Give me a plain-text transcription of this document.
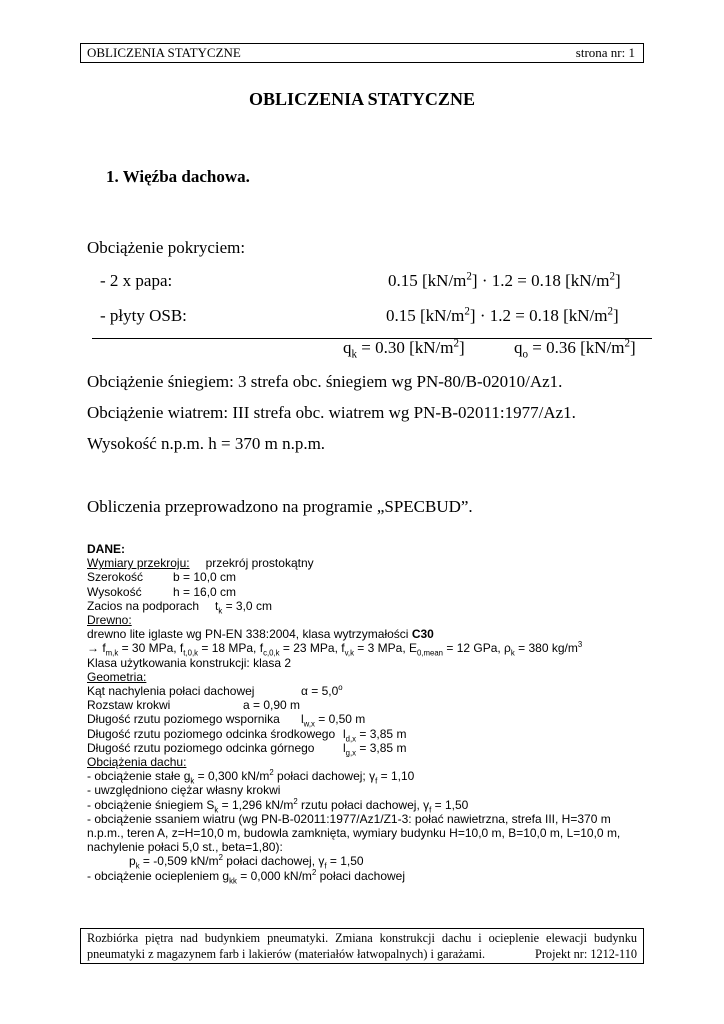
OBLICZENIA STATYCZNE	strona nr: 1
OBLICZENIA STATYCZNE
1. Więźba dachowa.
Obciążenie pokryciem:
- 2 x papa:	0.15 $[kN/m^2] \cdot 1.2 = 0.18$ $[kN/m^2]$
- płyty OSB:	0.15 $[kN/m^2] \cdot 1.2 = 0.18$ $[kN/m^2]$
$q_k = 0.30$ $[kN/m^2]$	$q_o = 0.36$ $[kN/m^2]$
Obciążenie śniegiem: 3 strefa obc. śniegiem wg PN-80/B-02010/Az1.
Obciążenie wiatrem: III strefa obc. wiatrem wg PN-B-02011:1977/Az1.
Wysokość n.p.m. h = 370 m n.p.m.
Obliczenia przeprowadzono na programie „SPECBUD”.
DANE:
Wymiary przekroju: przekrój prostokątny
Szerokość b = 10,0 cm
Wysokość	h = 16,0 cm
Zacios na podporach $t_k = 3,0$ cm
Drewno:
drewno lite iglaste wg PN-EN 338:2004, klasa wytrzymałości C30
→ $f_{m,k} = 30$ MPa, $f_{t,0,k} = 18$ MPa, $f_{c,0,k} = 23$ MPa, $f_{v,k} = 3$ MPa, $E_{0,mean} = 12$ GPa, $\rho_k = 380$ $kg/m^3$
Klasa użytkowania konstrukcji: klasa 2
Geometria:
Kąt nachylenia połaci dachowej	$\alpha = 5,0^o$
Rozstaw krokwi	a = 0,90 m
Długość rzutu poziomego wspornika $l_{w,x} = 0,50$ m
Długość rzutu poziomego odcinka środkowego $l_{d,x} = 3,85$ m
Długość rzutu poziomego odcinka górnego $l_{g,x} = 3,85$ m
Obciążenia dachu:
- obciążenie stałe $g_k = 0,300$ $kN/m^2$ połaci dachowej; $\gamma_f = 1,10$
- uwzględniono ciężar własny krokwi
- obciążenie śniegiem $S_k = 1,296$ $kN/m^2$ rzutu połaci dachowej, $\gamma_f = 1,50$
- obciążenie ssaniem wiatru (wg PN-B-02011:1977/Az1/Z1-3: połać nawietrzna, strefa III, H=370 m
n.p.m., teren A, z=H=10,0 m, budowla zamknięta, wymiary budynku H=10,0 m, B=10,0 m, L=10,0 m,
nachylenie połaci 5,0 st., beta=1,80):
$p_k = -0,509$ $kN/m^2$ połaci dachowej, $\gamma_f = 1,50$
- obciążenie ociepleniem $g_{kk} = 0,000$ $kN/m^2$ połaci dachowej
Rozbiórka piętra nad budynkiem pneumatyki. Zmiana konstrukcji dachu i ocieplenie elewacji budynku
pneumatyki z magazynem farb i lakierów (materiałów łatwopalnych) i garażami.	Projekt nr: 1212-110
